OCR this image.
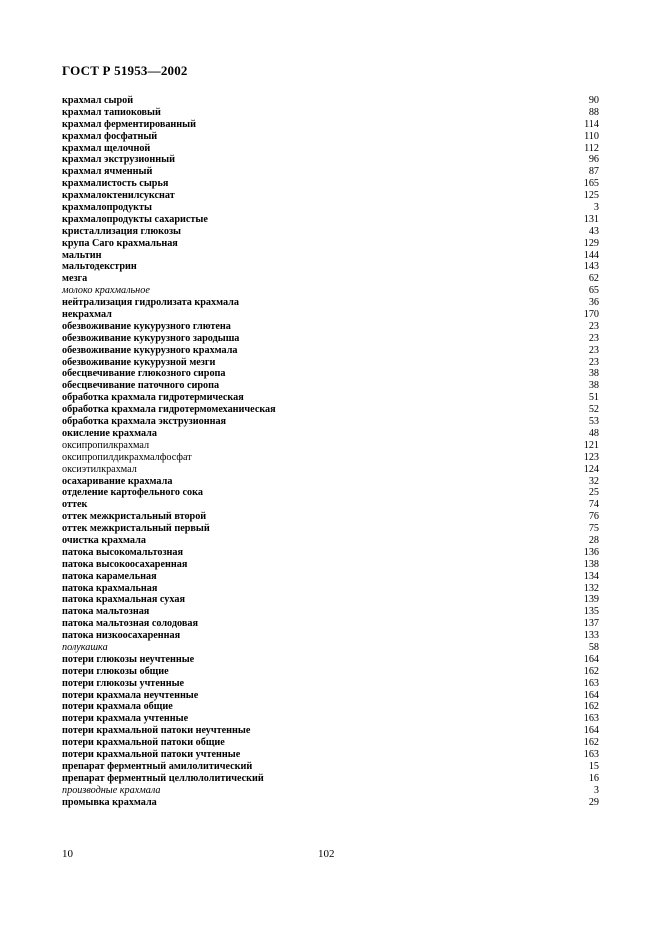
ГОСТ Р 51953—2002
крахмал сырой	90
крахмал тапиоковый	88
крахмал ферментированный	114
крахмал фосфатный	110
крахмал щелочной	112
крахмал экструзионный	96
крахмал ячменный	87
крахмалистость сырья	165
крахмалоктенилсукснат	125
крахмалопродукты	3
крахмалопродукты сахаристые	131
кристаллизация глюкозы	43
крупа Саго крахмальная	129
мальтин	144
мальтодекстрин	143
мезга	62
молоко крахмальное	65
нейтрализация гидролизата крахмала	36
некрахмал	170
обезвоживание кукурузного глютена	23
обезвоживание кукурузного зародыша	23
обезвоживание кукурузного крахмала	23
обезвоживание кукурузной мезги	23
обесцвечивание глюкозного сиропа	38
обесцвечивание паточного сиропа	38
обработка крахмала гидротермическая	51
обработка крахмала гидротермомеханическая	52
обработка крахмала экструзионная	53
окисление крахмала	48
оксипропилкрахмал	121
оксипропилдикрахмалфосфат	123
оксиэтилкрахмал	124
осахаривание крахмала	32
отделение картофельного сока	25
оттек	74
оттек межкристальный второй	76
оттек межкристальный первый	75
очистка крахмала	28
патока высокомальтозная	136
патока высокоосахаренная	138
патока карамельная	134
патока крахмальная	132
патока крахмальная сухая	139
патока мальтозная	135
патока мальтозная солодовая	137
патока низкоосахаренная	133
полукашка	58
потери глюкозы неучтенные	164
потери глюкозы общие	162
потери глюкозы учтенные	163
потери крахмала неучтенные	164
потери крахмала общие	162
потери крахмала учтенные	163
потери крахмальной патоки неучтенные	164
потери крахмальной патоки общие	162
потери крахмальной патоки учтенные	163
препарат ферментный амилолитический	15
препарат ферментный целлюлолитический	16
производные крахмала	3
промывка крахмала	29
10	102
